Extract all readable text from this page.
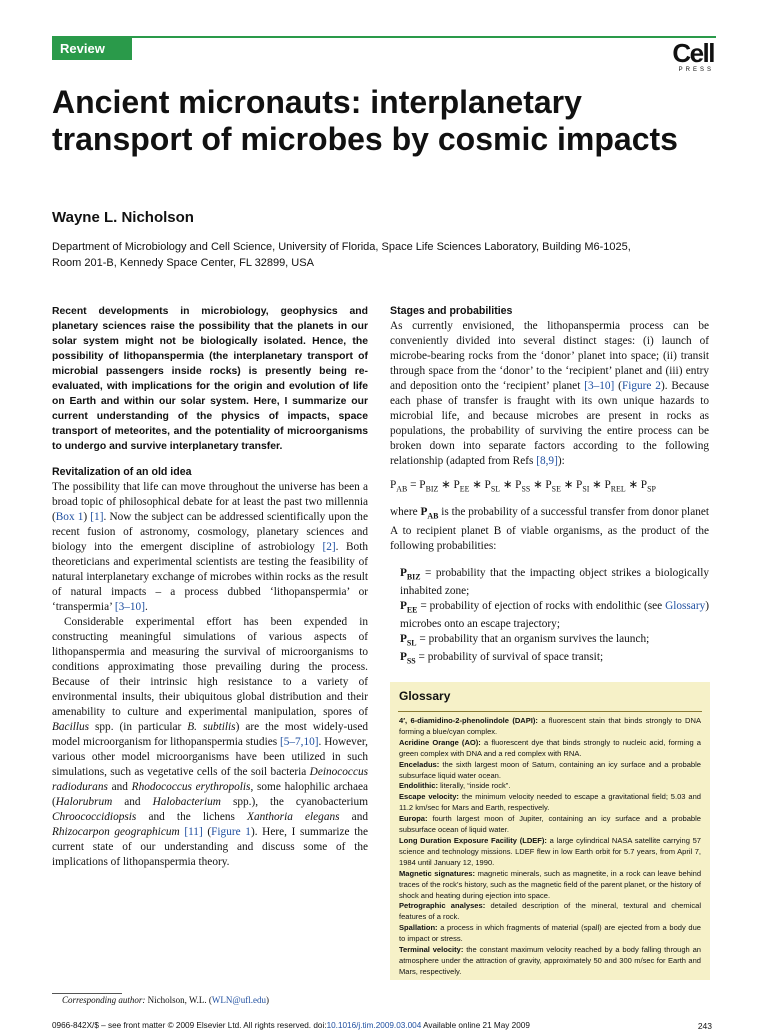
Review	Cell
PRESS
Ancient micronauts: interplanetary transport of microbes by cosmic impacts
Wayne L. Nicholson
Department of Microbiology and Cell Science, University of Florida, Space Life Sciences Laboratory, Building M6-1025,
Room 201-B, Kennedy Space Center, FL 32899, USA

Recent developments in microbiology, geophysics and planetary sciences raise the possibility that the planets in our solar system might not be biologically isolated. Hence, the possibility of lithopanspermia (the interplanetary transport of microbial passengers inside rocks) is presently being re-evaluated, with implications for the origin and evolution of life on Earth and within our solar system. Here, I summarize our current understanding of the physics of impacts, space transport of meteorites, and the potentiality of microorganisms to undergo and survive interplanetary transfer.

Revitalization of an old idea

The possibility that life can move throughout the universe has been a broad topic of philosophical debate for at least the past two millennia (Box 1) [1]. Now the subject can be addressed scientifically upon the recent fusion of astronomy, cosmology, planetary sciences and biology into the emergent discipline of astrobiology [2]. Both theoreticians and experimental scientists are testing the feasibility of natural interplanetary exchange of microbes within rocks as the result of natural impacts – a process dubbed ‘lithopanspermia’ or ‘transpermia’ [3–10].

Considerable experimental effort has been expended in constructing meaningful simulations of various aspects of lithopanspermia and measuring the survival of microorganisms to conditions approximating those prevailing during the process. Because of their intrinsic high resistance to a variety of environmental insults, their ubiquitous global distribution and their amenability to culture and experimental manipulation, spores of Bacillus spp. (in particular B. subtilis) are the most widely-used model microorganism for lithopanspermia studies [5–7,10]. However, various other model microorganisms have been utilized in such simulations, such as vegetative cells of the soil bacteria Deinococcus radiodurans and Rhodococcus erythropolis, some halophilic archaea (Halorubrum and Halobacterium spp.), the cyanobacterium Chroococcidiopsis and the lichens Xanthoria elegans and Rhizocarpon geographicum [11] (Figure 1). Here, I summarize the current state of our understanding and discuss some of the implications of lithopanspermia theory.

Stages and probabilities

As currently envisioned, the lithopanspermia process can be conveniently divided into several distinct stages: (i) launch of microbe-bearing rocks from the ‘donor’ planet into space; (ii) transit through space from the ‘donor’ to the ‘recipient’ planet and (iii) entry and deposition onto the ‘recipient’ planet [3–10] (Figure 2). Because each phase of transfer is fraught with its own unique hazards to microbial life, and because microbes are present in rocks as populations, the probability of surviving the entire process can be broken down into separate factors according to the following relationship (adapted from Refs [8,9]):

$P_{AB} = P_{BIZ}$ ∗ $P_{EE}$ ∗ $P_{SL}$ ∗ $P_{SS}$ ∗ $P_{SE}$ ∗ $P_{SI}$ ∗ $P_{REL}$ ∗ $P_{SP}$

where $P_{AB}$ is the probability of a successful transfer from donor planet A to recipient planet B of viable organisms, as the product of the following probabilities:

$P_{BIZ}$ = probability that the impacting object strikes a biologically inhabited zone;

$P_{EE}$ = probability of ejection of rocks with endolithic (see Glossary) microbes onto an escape trajectory;

$P_{SL}$ = probability that an organism survives the launch;

$P_{SS}$ = probability of survival of space transit;

Glossary

4′, 6-diamidino-2-phenolindole (DAPI): a fluorescent stain that binds strongly to DNA forming a blue/cyan complex.

Acridine Orange (AO): a fluorescent dye that binds strongly to nucleic acid, forming a green complex with DNA and a red complex with RNA.

Enceladus: the sixth largest moon of Saturn, containing an icy surface and a probable subsurface liquid water ocean.

Endolithic: literally, “inside rock”.

Escape velocity: the minimum velocity needed to escape a gravitational field; 5.03 and 11.2 km/sec for Mars and Earth, respectively.

Europa: fourth largest moon of Jupiter, containing an icy surface and a probable subsurface ocean of liquid water.

Long Duration Exposure Facility (LDEF): a large cylindrical NASA satellite carrying 57 science and technology missions. LDEF flew in low Earth orbit for 5.7 years, from April 7, 1984 until January 12, 1990.

Magnetic signatures: magnetic minerals, such as magnetite, in a rock can leave behind traces of the rock’s history, such as the magnetic field of the parent planet, or the history of shock and heating during ejection into space.

Petrographic analyses: detailed description of the mineral, textural and chemical features of a rock.

Spallation: a process in which fragments of material (spall) are ejected from a body due to impact or stress.

Terminal velocity: the constant maximum velocity reached by a body falling through an atmosphere under the attraction of gravity, approximately 50 and 300 m/sec for Earth and Mars, respectively.

Corresponding author: Nicholson, W.L. (WLN@ufl.edu)
0966-842X/$ – see front matter © 2009 Elsevier Ltd. All rights reserved. doi:10.1016/j.tim.2009.03.004 Available online 21 May 2009	243
